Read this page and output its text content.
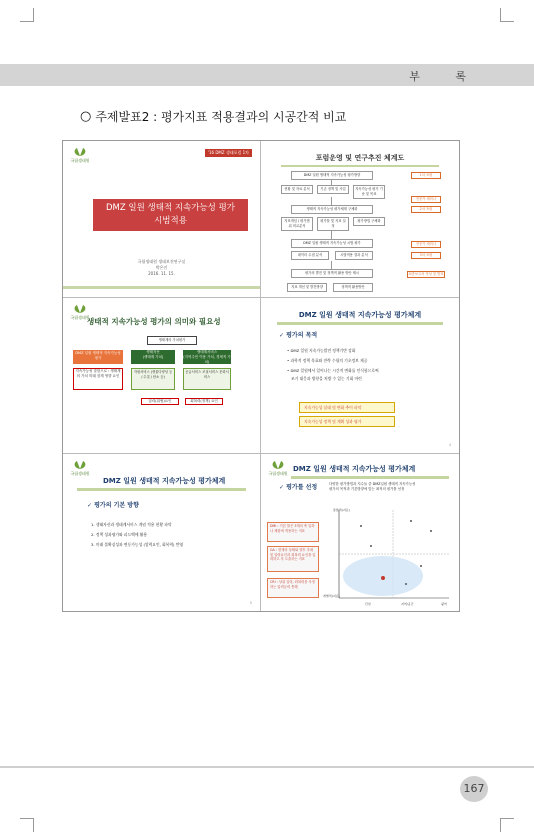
부 록
○ 주제발표2 : 평가지표 적용결과의 시공간적 비교
국립생태원
'16 DMZ 생태포럼 1차
DMZ 일원 생태적 지속가능성 평가
시범적용
국립생태원 생태보전연구실
박은진
2016. 11. 15.
포럼운영 및 연구추진 체계도
DMZ 일원 생태적 지속가능성 평가방향
현황 및 자료 분석	기존 정책 및 사업	지속가능성 평가 기준 및 목표
생태적 지속가능성 평가체계 구체화
지표개념 / 평가범위 비교분석
평가틀 및 지표 설정
평가방법 구체화
DMZ 일원 생태적 지속가능성 시범 평가
데이터 수집 분석	시범적용 결과 분석
평가의 발전 및 정책적 활용 방안 제시
지표 개선 및 발전방향	정책적 활용방안
1차 포럼
전문가 세미나
2차 포럼
전문가 세미나
3차 포럼
최종보고서 작성 및 발표
국립생태원
생태적 지속가능성 평가의 의미와 필요성
생태계의 가치평가
DMZ 일원 생태적 지속가능성 평가
지속가능성 말함으로 : 생태계의 가치 미래 잠재 영향 요인
생태자산
(생태계 가치)
생태계서비스
(지역주민 이용 가치, 경제적 가치)
자원서비스 (생물다양성 등 / 수질 / 탄소 등)
공급서비스 조절서비스 문화서비스
압력(위협)요인	회복력(정책) 요인
DMZ 일원 생태적 지속가능성 평가체계
✓ 평가의 목적
• DMZ 일원 지속가능발전 정책기반 강화
• 과학적 정책 목표와 전략 수립의 기초정보 제공
• DMZ 일원에서 일어나는 시간적 변화를 인식함으로써
조기 대응과 방향을 처방 수 있는 기회 마련
지속가능성 실태 및 변화 추이 파악
지속가능성 정책 및 계획 성과 평가
4
국립생태원
DMZ 일원 생태적 지속가능성 평가체계
✓ 평가의 기본 방향
1. 생태자산과 생태계서비스 개념 적용 현황 파악
2. 정책 성과평가와 피드백에 활용
3. 미래 불확실성과 변동가능성 (압력요인, 회복력) 반영
5
국립생태원
DMZ 일원 생태적 지속가능성 평가체계
✓ 평가틀 선정	다양한 평가방법과 지수들 중 DMZ일원 생태적 지속가능성
평가의 목적과 기본방향에 맞는 최적의 평가틀 선정
DMI : 기본 틀은 3개의 축 입하나 체험에 적용하는 지표
GA : 현재의 상태와 향후 추세 및 압력요인과 회복력 요인을 입력하고 후 도출하는 지표
CRI : 상위 입력, 회복력을 사정하는 압력등력 통해
통합적(지표)
개별적(지표)
단일	지역/공간	광역
167
